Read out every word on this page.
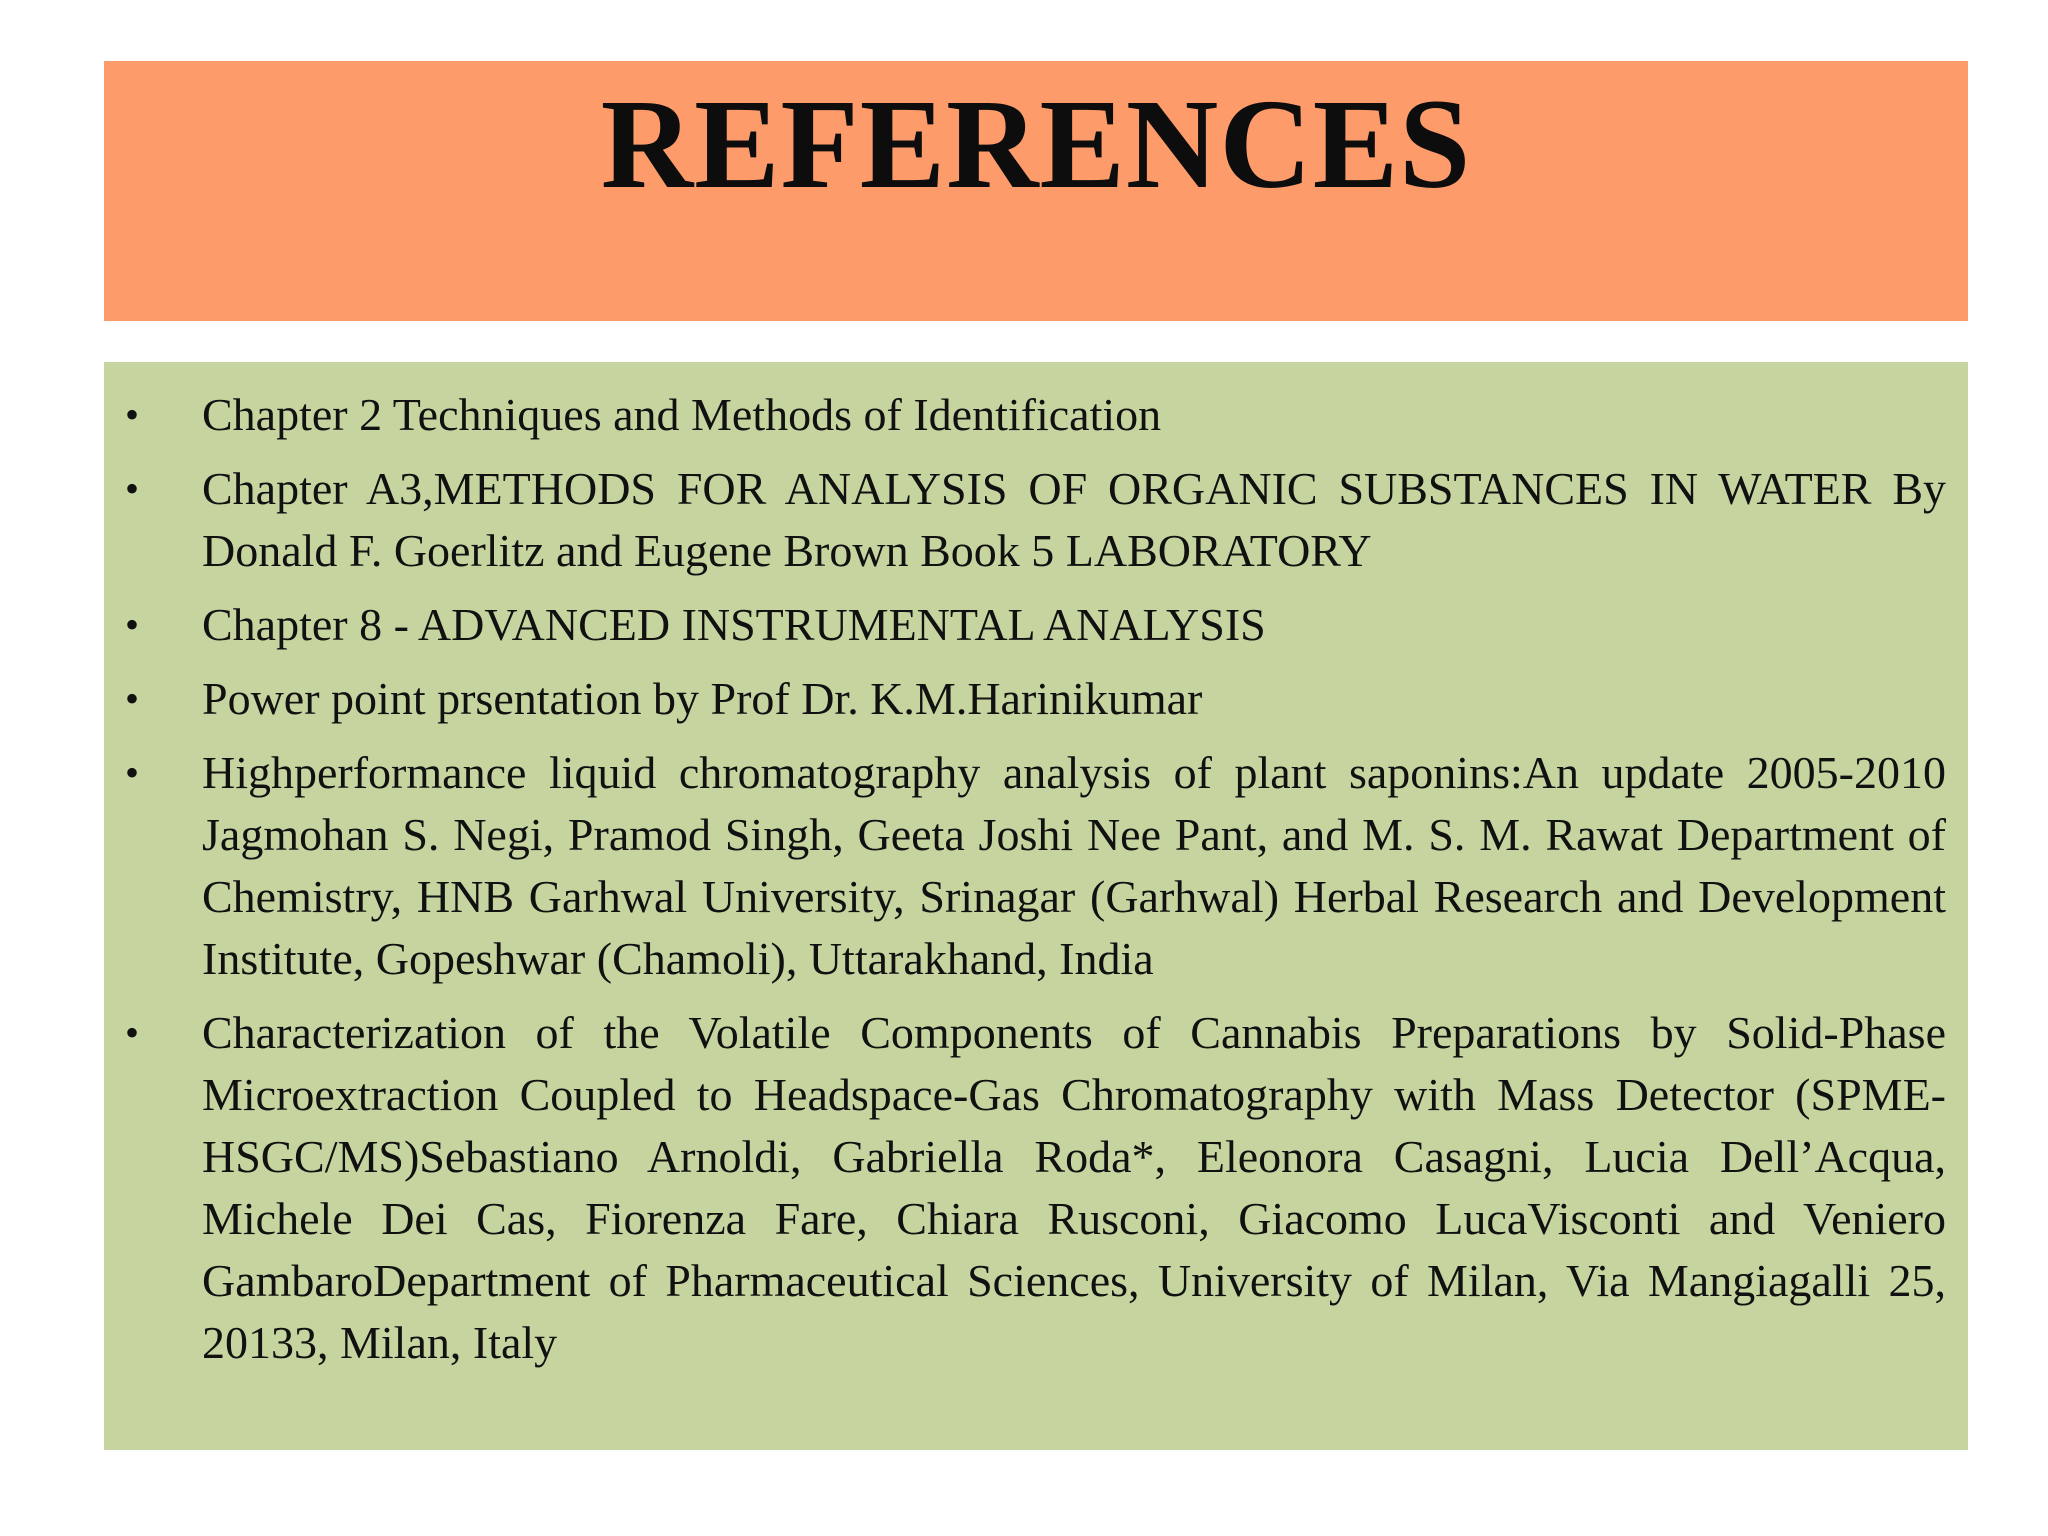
REFERENCES
• Chapter 2 Techniques and Methods of Identification
• Chapter A3,METHODS FOR ANALYSIS OF ORGANIC SUBSTANCES IN WATER By Donald F. Goerlitz and Eugene Brown Book 5 LABORATORY
• Chapter 8 - ADVANCED INSTRUMENTAL ANALYSIS
• Power point prsentation by Prof Dr. K.M.Harinikumar
• Highperformance liquid chromatography analysis of plant saponins:An update 2005-2010 Jagmohan S. Negi, Pramod Singh, Geeta Joshi Nee Pant, and M. S. M. Rawat Department of Chemistry, HNB Garhwal University, Srinagar (Garhwal) Herbal Research and Development Institute, Gopeshwar (Chamoli), Uttarakhand, India
• Characterization of the Volatile Components of Cannabis Preparations by Solid-Phase Microextraction Coupled to Headspace-Gas Chromatography with Mass Detector (SPME-HSGC/MS)Sebastiano Arnoldi, Gabriella Roda*, Eleonora Casagni, Lucia Dell’Acqua, Michele Dei Cas, Fiorenza Fare, Chiara Rusconi, Giacomo LucaVisconti and Veniero GambaroDepartment of Pharmaceutical Sciences, University of Milan, Via Mangiagalli 25, 20133, Milan, Italy
